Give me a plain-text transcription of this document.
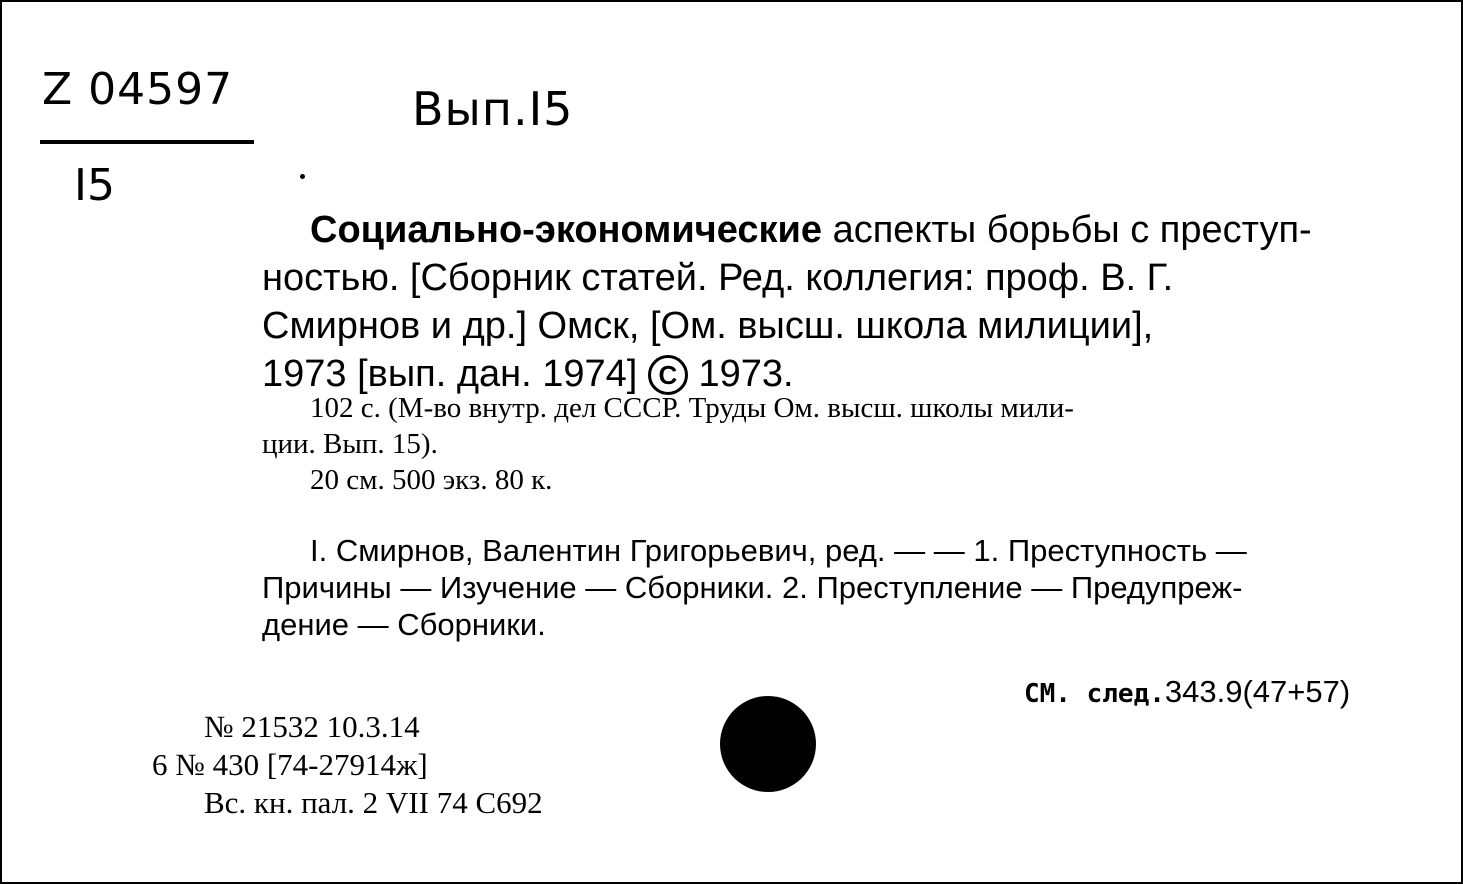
Z 04597
I5
Вып.I5
Социально-экономические аспекты борьбы с преступ-
ностью. [Сборник статей. Ред. коллегия: проф. В. Г.
Смирнов и др.] Омск, [Ом. высш. школа милиции],
1973 [вып. дан. 1974] C 1973.
102 с. (М-во внутр. дел СССР. Труды Ом. высш. школы мили-
ции. Вып. 15).
20 см. 500 экз. 80 к.
I. Смирнов, Валентин Григорьевич, ред. — — 1. Преступность —
Причины — Изучение — Сборники. 2. Преступление — Предупреж-
дение — Сборники.
СМ. след.343.9(47+57)
№ 21532 10.3.14
6 № 430 [74-27914ж]
Вс. кн. пал. 2 VII 74 С692
